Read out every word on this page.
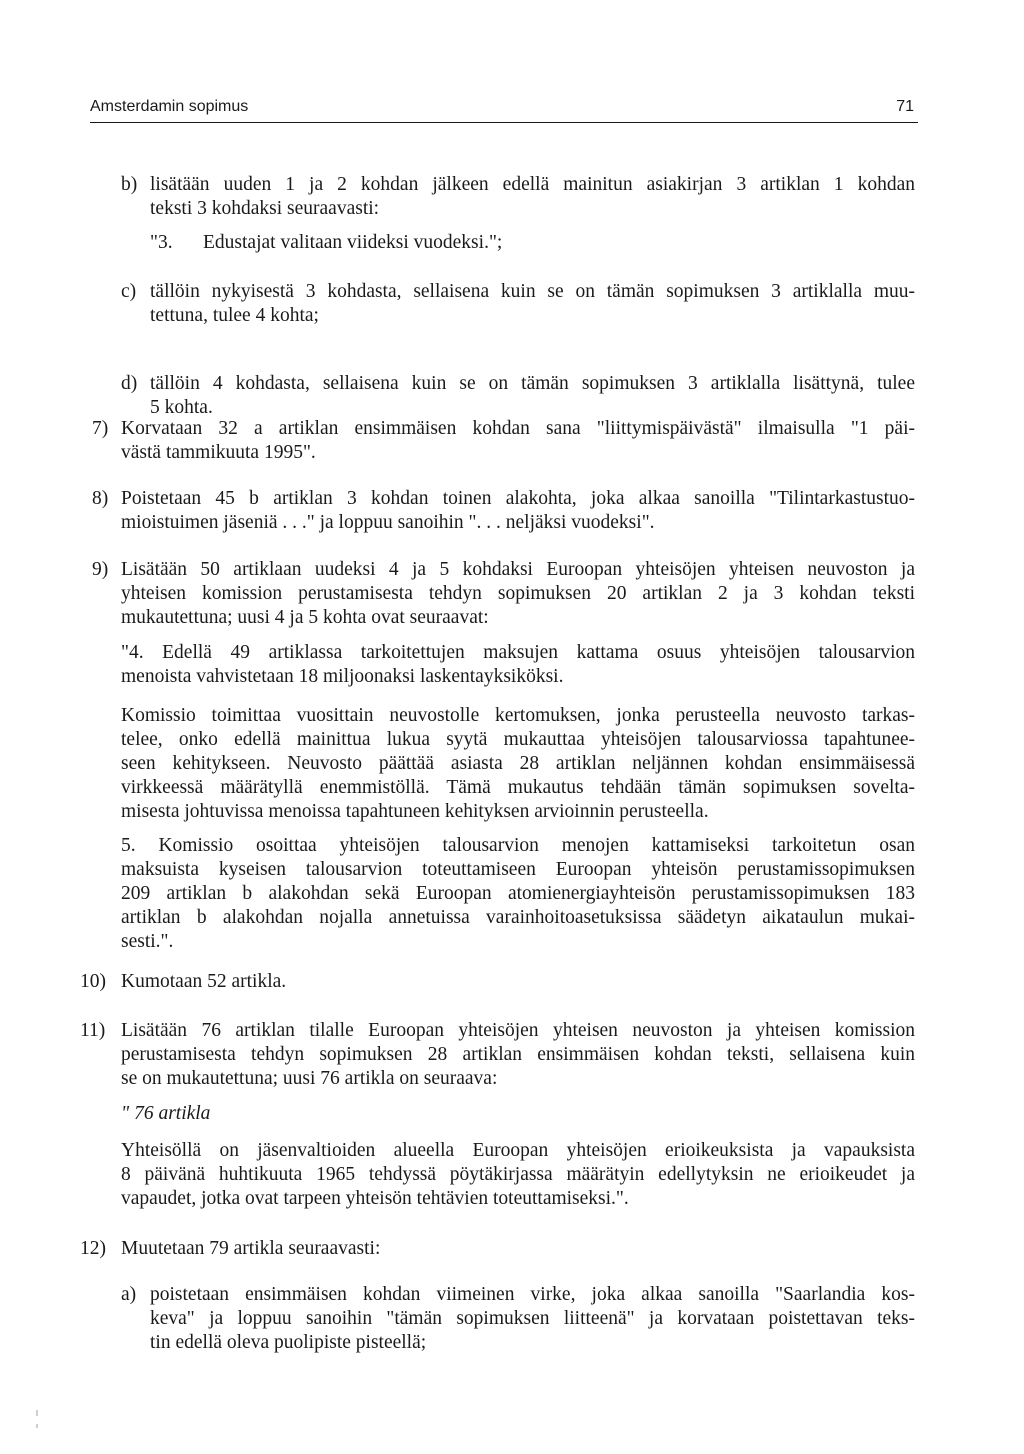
Amsterdamin sopimus	71
b) lisätään uuden 1 ja 2 kohdan jälkeen edellä mainitun asiakirjan 3 artiklan 1 kohdan
teksti 3 kohdaksi seuraavasti:
"3. Edustajat valitaan viideksi vuodeksi.";
c) tällöin nykyisestä 3 kohdasta, sellaisena kuin se on tämän sopimuksen 3 artiklalla muu-
tettuna, tulee 4 kohta;
d) tällöin 4 kohdasta, sellaisena kuin se on tämän sopimuksen 3 artiklalla lisättynä, tulee
5 kohta.
7) Korvataan 32 a artiklan ensimmäisen kohdan sana "liittymispäivästä" ilmaisulla "1 päi-
västä tammikuuta 1995".
8) Poistetaan 45 b artiklan 3 kohdan toinen alakohta, joka alkaa sanoilla "Tilintarkastustuo-
mioistuimen jäseniä . . ." ja loppuu sanoihin ". . . neljäksi vuodeksi".
9) Lisätään 50 artiklaan uudeksi 4 ja 5 kohdaksi Euroopan yhteisöjen yhteisen neuvoston ja
yhteisen komission perustamisesta tehdyn sopimuksen 20 artiklan 2 ja 3 kohdan teksti
mukautettuna; uusi 4 ja 5 kohta ovat seuraavat:
"4. Edellä 49 artiklassa tarkoitettujen maksujen kattama osuus yhteisöjen talousarvion
menoista vahvistetaan 18 miljoonaksi laskentayksiköksi.
Komissio toimittaa vuosittain neuvostolle kertomuksen, jonka perusteella neuvosto tarkas-
telee, onko edellä mainittua lukua syytä mukauttaa yhteisöjen talousarviossa tapahtunee-
seen kehitykseen. Neuvosto päättää asiasta 28 artiklan neljännen kohdan ensimmäisessä
virkkeessä määrätyllä enemmistöllä. Tämä mukautus tehdään tämän sopimuksen soveltа-
misesta johtuvissa menoissa tapahtuneen kehityksen arvioinnin perusteella.
5. Komissio osoittaa yhteisöjen talousarvion menojen kattamiseksi tarkoitetun osan
maksuista kyseisen talousarvion toteuttamiseen Euroopan yhteisön perustamissopimuksen
209 artiklan b alakohdan sekä Euroopan atomienergiayhteisön perustamissopimuksen 183
artiklan b alakohdan nojalla annetuissa varainhoitoasetuksissa säädetyn aikataulun mukai-
sesti.".
10) Kumotaan 52 artikla.
11) Lisätään 76 artiklan tilalle Euroopan yhteisöjen yhteisen neuvoston ja yhteisen komission
perustamisesta tehdyn sopimuksen 28 artiklan ensimmäisen kohdan teksti, sellaisena kuin
se on mukautettuna; uusi 76 artikla on seuraava:
" 76 artikla
Yhteisöllä on jäsenvaltioiden alueella Euroopan yhteisöjen erioikeuksista ja vapauksista
8 päivänä huhtikuuta 1965 tehdyssä pöytäkirjassa määrätyin edellytyksin ne erioikeudet ja
vapaudet, jotka ovat tarpeen yhteisön tehtävien toteuttamiseksi.".
12) Muutetaan 79 artikla seuraavasti:
a) poistetaan ensimmäisen kohdan viimeinen virke, joka alkaa sanoilla "Saarlandia kos-
keva" ja loppuu sanoihin "tämän sopimuksen liitteenä" ja korvataan poistettavan teks-
tin edellä oleva puolipiste pisteellä;
